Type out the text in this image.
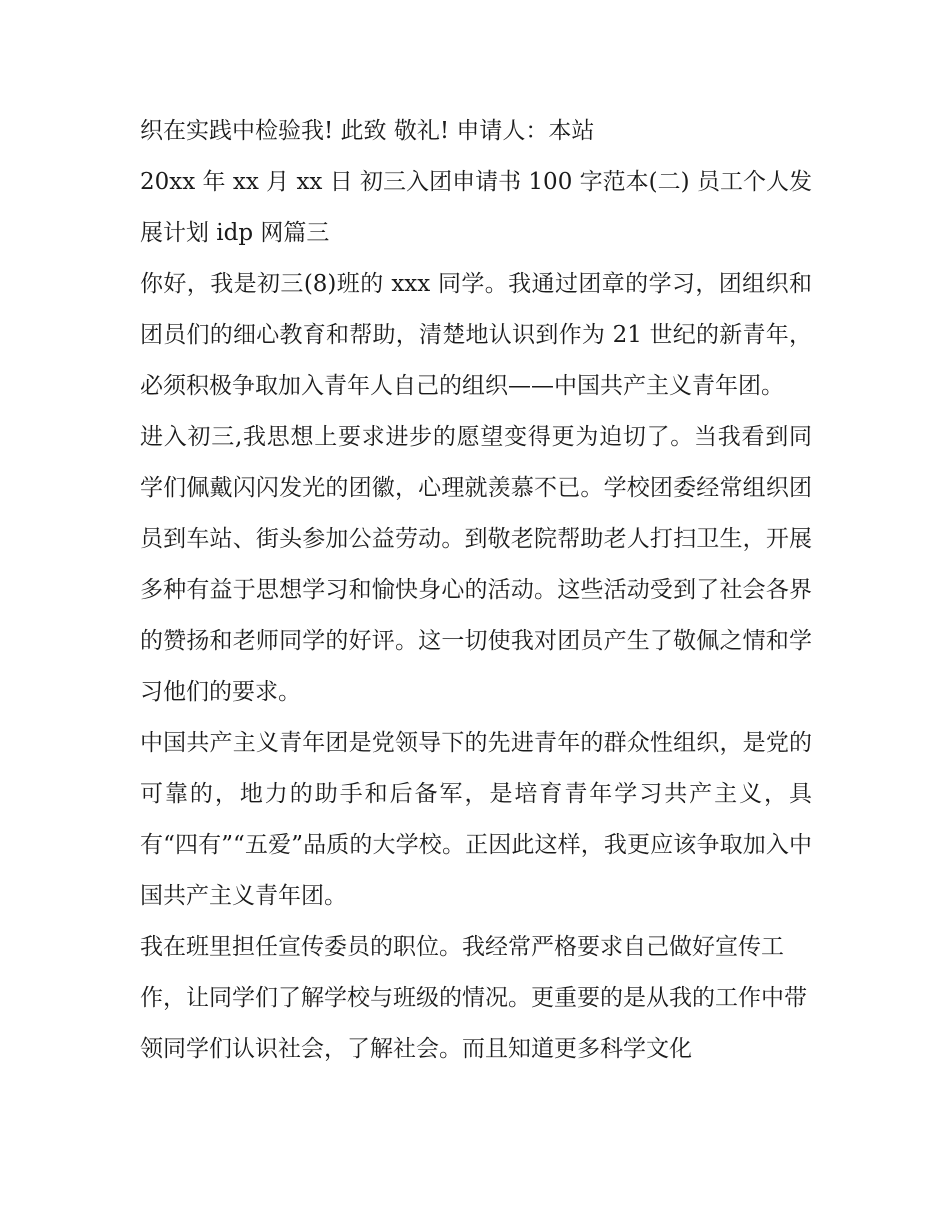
织在实践中检验我! 此致 敬礼! 申请人：本站

20xx 年 xx 月 xx 日 初三入团申请书 100 字范本(二) 员工个人发展计划 idp 网篇三

你好，我是初三(8)班的 xxx 同学。我通过团章的学习，团组织和团员们的细心教育和帮助，清楚地认识到作为 21 世纪的新青年，必须积极争取加入青年人自己的组织——中国共产主义青年团。

进入初三,我思想上要求进步的愿望变得更为迫切了。当我看到同学们佩戴闪闪发光的团徽，心理就羡慕不已。学校团委经常组织团员到车站、街头参加公益劳动。到敬老院帮助老人打扫卫生，开展多种有益于思想学习和愉快身心的活动。这些活动受到了社会各界的赞扬和老师同学的好评。这一切使我对团员产生了敬佩之情和学习他们的要求。

中国共产主义青年团是党领导下的先进青年的群众性组织，是党的可靠的，地力的助手和后备军，是培育青年学习共产主义，具有“四有”“五爱”品质的大学校。正因此这样，我更应该争取加入中国共产主义青年团。

我在班里担任宣传委员的职位。我经常严格要求自己做好宣传工作，让同学们了解学校与班级的情况。更重要的是从我的工作中带领同学们认识社会，了解社会。而且知道更多科学文化
